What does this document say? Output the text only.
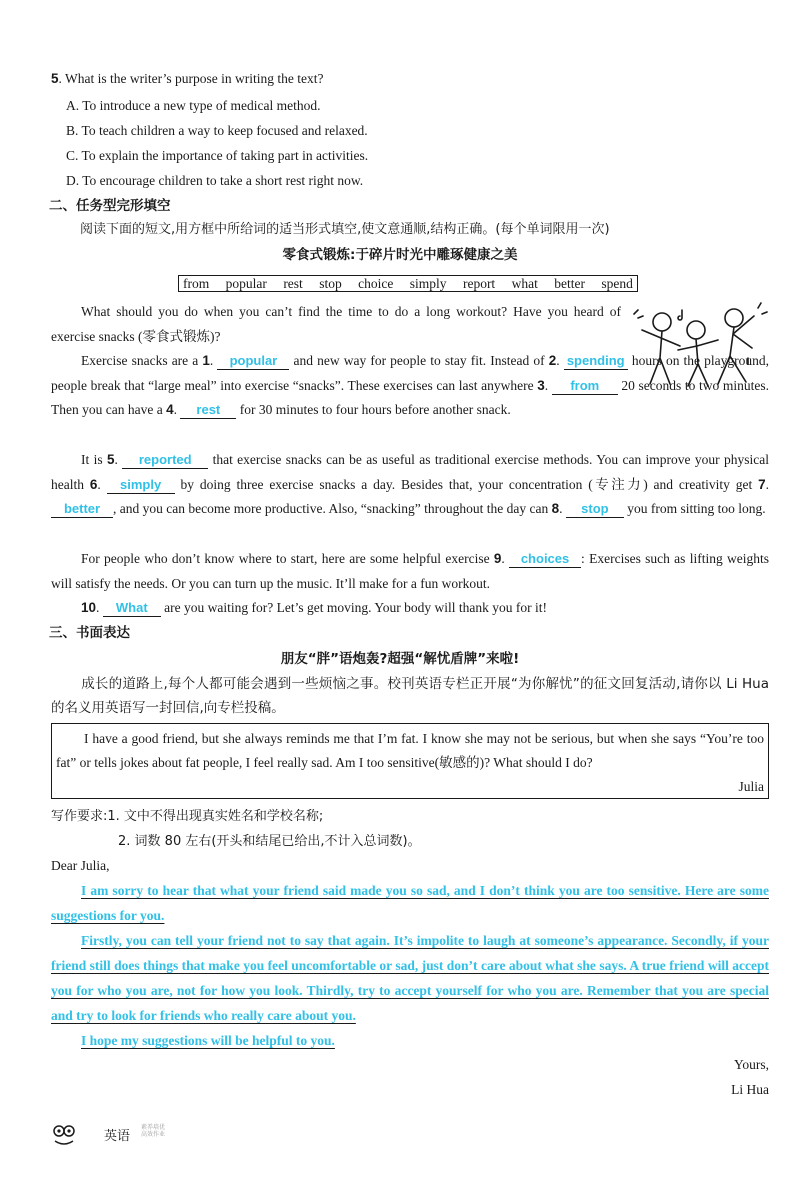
5. What is the writer’s purpose in writing the text?
A. To introduce a new type of medical method.
B. To teach children a way to keep focused and relaxed.
C. To explain the importance of taking part in activities.
D. To encourage children to take a short rest right now.
二、任务型完形填空
阅读下面的短文,用方框中所给词的适当形式填空,使文意通顺,结构正确。(每个单词限用一次)
零食式锻炼:于碎片时光中雕琢健康之美
from popular rest stop choice simply report what better spend
What should you do when you can’t find the time to do a long workout? Have you heard of exercise snacks (零食式锻炼)?
Exercise snacks are a 1. popular and new way for people to stay fit. Instead of 2. spending hours on the playground, people break that “large meal” into exercise “snacks”. These exercises can last anywhere 3. from 20 seconds to two minutes. Then you can have a 4. rest for 30 minutes to four hours before another snack.
It is 5. reported that exercise snacks can be as useful as traditional exercise methods. You can improve your physical health 6. simply by doing three exercise snacks a day. Besides that, your concentration (专注力) and creativity get 7. better , and you can become more productive. Also, “snacking” throughout the day can 8. stop you from sitting too long.
For people who don’t know where to start, here are some helpful exercise 9. choices : Exercises such as lifting weights will satisfy the needs. Or you can turn up the music. It’ll make for a fun workout.
10. What are you waiting for? Let’s get moving. Your body will thank you for it!
三、书面表达
朋友“胖”语炮轰?超强“解忧盾牌”来啦!
成长的道路上,每个人都可能会遇到一些烦恼之事。校刊英语专栏正开展“为你解忧”的征文回复活动,请你以 Li Hua 的名义用英语写一封回信,向专栏投稿。
I have a good friend, but she always reminds me that I’m fat. I know she may not be serious, but when she says “You’re too fat” or tells jokes about fat people, I feel really sad. Am I too sensitive(敏感的)? What should I do?
Julia
写作要求:1. 文中不得出现真实姓名和学校名称;
2. 词数 80 左右(开头和结尾已给出,不计入总词数)。
Dear Julia,
I am sorry to hear that what your friend said made you so sad, and I don’t think you are too sensitive. Here are some suggestions for you.
Firstly, you can tell your friend not to say that again. It’s impolite to laugh at someone’s appearance. Secondly, if your friend still does things that make you feel uncomfortable or sad, just don’t care about what she says. A true friend will accept you for who you are, not for how you look. Thirdly, try to accept yourself for who you are. Remember that you are special and try to look for friends who really care about you.
I hope my suggestions will be helpful to you.
Yours,
Li Hua
英语
素养培优
高效作业
